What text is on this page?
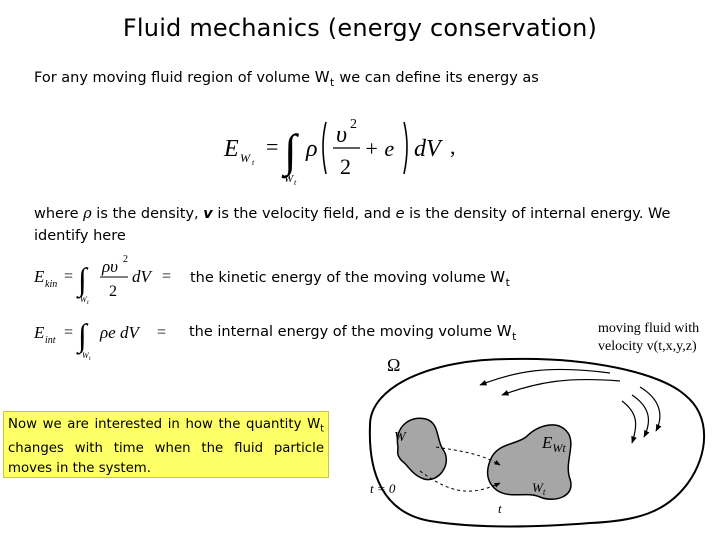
Fluid mechanics (energy conservation)
For any moving fluid region of volume $W_t$ we can define its energy as
E W t
= ∫
W t
ρ
υ 2
2
+ e dV ,
where ρ is the density, v is the velocity field, and e is the density of internal energy. We identify here
E kin = ∫
W t
ρυ 2
2
dV = the kinetic energy of the moving volume $W_t$
E int = ∫
W t
ρe dV = the internal energy of the moving volume $W_t$
Now we are interested in how the quantity $W_t$ changes with time when the fluid particle moves in the system.
moving fluid with
velocity v(t,x,y,z)
Ω
W
t = 0	$W_t$
t
$E_{Wt}$
